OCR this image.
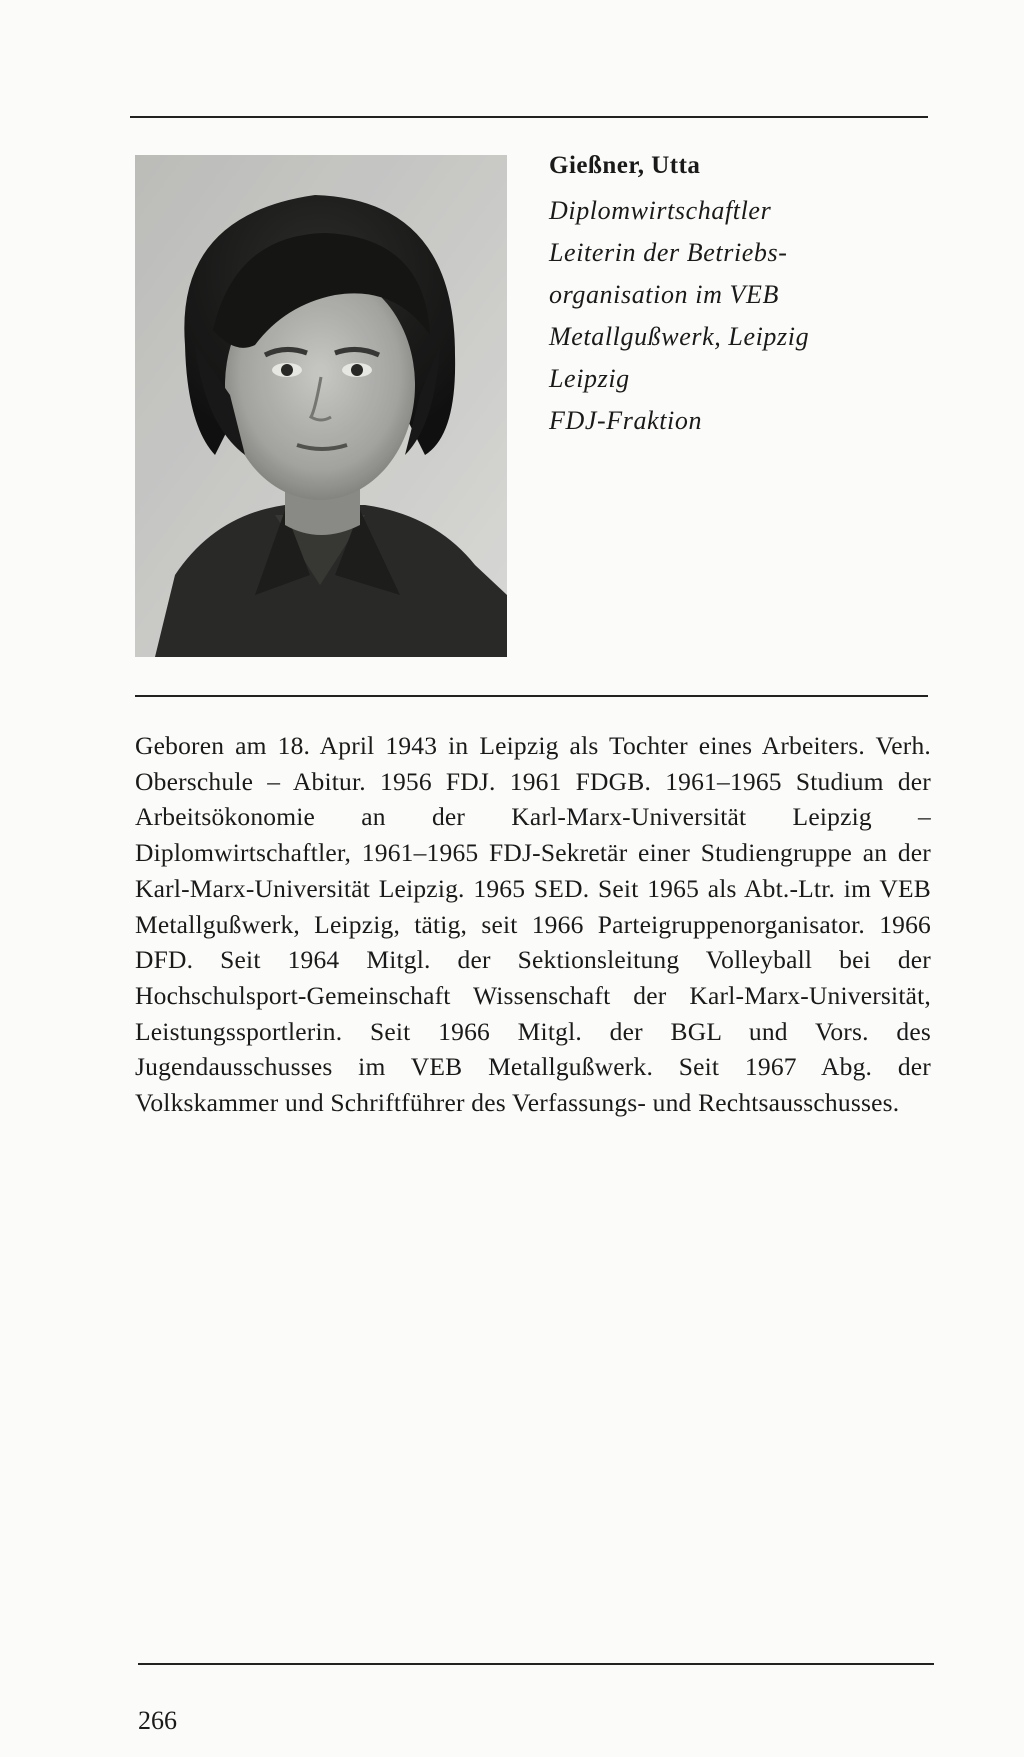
Gießner, Utta

Diplomwirtschaftler

Leiterin der Betriebs-

organisation im VEB

Metallgußwerk, Leipzig

Leipzig

FDJ-Fraktion

Geboren am 18. April 1943 in Leipzig als Tochter eines Arbeiters. Verh. Oberschule – Abitur. 1956 FDJ. 1961 FDGB. 1961–1965 Studium der Arbeitsökonomie an der Karl-Marx-Universität Leipzig – Diplomwirtschaftler, 1961–1965 FDJ-Sekretär einer Studiengruppe an der Karl-Marx-Universität Leipzig. 1965 SED. Seit 1965 als Abt.-Ltr. im VEB Metallgußwerk, Leipzig, tätig, seit 1966 Parteigruppenorganisator. 1966 DFD. Seit 1964 Mitgl. der Sektionsleitung Volleyball bei der Hochschulsport-Gemeinschaft Wissenschaft der Karl-Marx-Universität, Leistungssportlerin. Seit 1966 Mitgl. der BGL und Vors. des Jugendausschusses im VEB Metallgußwerk. Seit 1967 Abg. der Volkskammer und Schriftführer des Verfassungs- und Rechtsausschusses.

266
